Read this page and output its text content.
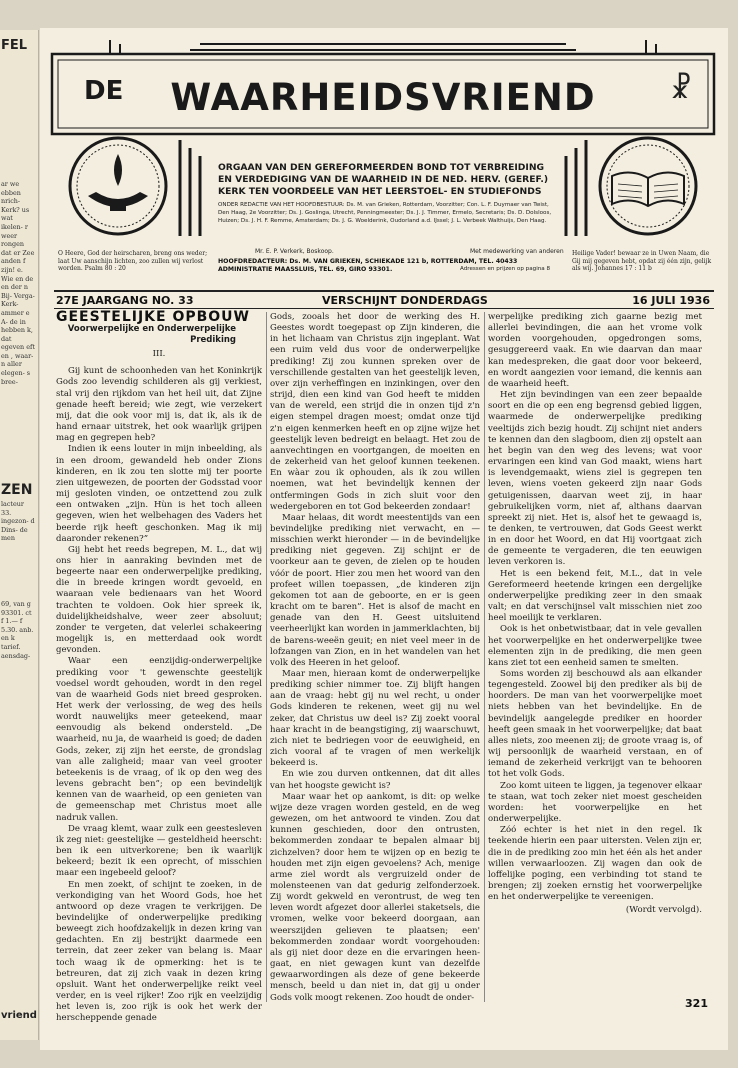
FEL
ar we ebben nrich- Kerk? us wat ikelen- r weer rongen dat er Zee anden f zijn! e. Wie en de en der n Bij- Verga- Kerk- ammer e A- de in hebben k, dat egeven eft en , waar- n aller elegen- s bree-
ZEN
lacteur 33. ingezon- d Dins- de men
69, van g 93301. ct f 1.— f 5.30. anb. en k tarief. aensdag-
vriend
DE	WAARHEIDSVRIEND	☧
ORGAAN VAN DEN GEREFORMEERDEN BOND TOT VERBREIDING EN VERDEDIGING VAN DE WAARHEID IN DE NED. HERV. (GEREF.) KERK TEN VOORDEELE VAN HET LEERSTOEL- EN STUDIEFONDS
ONDER REDACTIE VAN HET HOOFDBESTUUR: Ds. M. van Grieken, Rotterdam, Voorzitter; Con. L. F. Duymaer van Twist, Den Haag, 2e Voorzitter; Ds. J. Goslinga, Utrecht, Penningmeester; Ds. J. J. Timmer, Ermelo, Secretaris; Ds. D. Dolsloos, Huizen; Ds. J. H. F. Remme, Amsterdam; Ds. J. G. Woelderink, Oudorland a.d. IJssel; J. L. Verbeek Walthuijs, Den Haag.
Mr. E. P. Verkerk, Boskoop.	Met medewerking van anderen
HOOFDREDACTEUR: Ds. M. VAN GRIEKEN, SCHIEKADE 121 b, ROTTERDAM, TEL. 40433 ADMINISTRATIE MAASSLUIS, TEL. 69, GIRO 93301.	Adressen en prijzen op pagina 8
O Heere, God der heirscharen, breng ons weder; laat Uw aanschijn lichten, zoo zullen wij verlost worden. Psalm 80 : 20
Heilige Vader! bewaar ze in Uwen Naam, die Gij mij gegeven hebt, opdat zij één zijn, gelijk als wij. Johannes 17 : 11 b
27E JAARGANG NO. 33	VERSCHIJNT DONDERDAGS	16 JULI 1936
GEESTELIJKE OPBOUW
Voorwerpelijke en Onderwerpelijke Prediking
III.

Gij kunt de schoonheden van het Koninkrijk Gods zoo levendig schilderen als gij verkiest, stal vrij den rijkdom van het heil uit, dat Zijne genade heeft bereid; wie zegt, wie verzekert mij, dat die ook voor mij is, dat ik, als ik de hand ernaar uitstrek, het ook waarlijk grijpen mag en gegrepen heb?

Indien ik eens louter in mijn inbeelding, als in een droom, gewandeld heb onder Zions kinderen, en ik zou ten slotte mij ter poorte zien uitgewezen, de poorten der Godsstad voor mij gesloten vinden, oe ontzettend zou zulk een ontwaken „zijn. Hùn is het toch alleen gegeven, wien het welbehagen des Vaders het beerde rijk heeft geschonken. Mag ik mij daaronder rekenen?”

Gij hebt het reeds begrepen, M. L., dat wij ons hier in aanraking bevinden met de begeerte naar een onderwerpelijke prediking, die in breede kringen wordt gevoeld, en waaraan vele bedienaars van het Woord trachten te voldoen. Ook hier spreek ik, duidelijkheidshalve, weer zeer absoluut; zonder te vergeten, dat velerlei schakeering mogelijk is, en metterdaad ook wordt gevonden.

Waar een eenzijdig-onderwerpelijke prediking voor 't gewenschte geestelijk voedsel wordt gehouden, wordt in den regel van de waarheid Gods niet breed gesproken. Het werk der verlossing, de weg des heils wordt nauwelijks meer geteekend, maar eenvoudig als bekend ondersteld. „De waarheid, nu ja, de waarheid is goed; de daden Gods, zeker, zij zijn het eerste, de grondslag van alle zaligheid; maar van veel grooter beteekenis is de vraag, of ik op den weg des levens gebracht ben”; op een bevindelijk kennen van de waarheid, op een genieten van de gemeenschap met Christus moet alle nadruk vallen.

De vraag klemt, waar zulk een geestesleven ik zeg niet: geestelijke — gesteldheid heerscht: ben ik een uitverkorene; ben ik waarlijk bekeerd; bezit ik een oprecht, of misschien maar een ingebeeld geloof?

En men zoekt, of schijnt te zoeken, in de verkondiging van het Woord Gods, hoe het antwoord op deze vragen te verkrijgen. De bevindelijke of onderwerpelijke prediking beweegt zich hoofdzakelijk in dezen kring van gedachten. En zij bestrijkt daarmede een terrein, dat zeer zeker van belang is. Maar toch waag ik de opmerking: het is te betreuren, dat zij zich vaak in dezen kring opsluit. Want het onderwerpelijke reikt veel verder, en is veel rijker! Zoo rijk en veelzijdig het leven is, zoo rijk is ook het werk der herscheppende genade

Gods, zooals het door de werking des H. Geestes wordt toegepast op Zijn kinderen, die in het lichaam van Christus zijn ingeplant. Wat een ruim veld dus voor de onderwerpelijke prediking! Zij zou kunnen spreken over de verschillende gestalten van het geestelijk leven, over zijn verheffingen en inzinkingen, over den strijd, dien een kind van God heeft te midden van de wereld, een strijd die in onzen tijd z'n eigen stempel dragen moest; omdat onze tijd z'n eigen kenmerken heeft en op zijne wijze het geestelijk leven bedreigt en belaagt. Het zou de aanvechtingen en voortgangen, de moeiten en de zekerheid van het geloof kunnen teekenen. En wàar zou ik ophouden, als ik zou willen noemen, wat het bevindelijk kennen der ontfermingen Gods in zich sluit voor den wedergeboren en tot God bekeerden zondaar!

Maar helaas, dit wordt meestentijds van een bevindelijke prediking niet verwacht, en — misschien werkt hieronder — in de bevindelijke prediking niet gegeven. Zij schijnt er de voorkeur aan te geven, de zielen op te houden vóór de poort. Hier zou men het woord van den profeet willen toepassen, „de kinderen zijn gekomen tot aan de geboorte, en er is geen kracht om te baren”. Het is alsof de macht en genade van den H. Geest uitsluitend veerheerlijkt kan worden in jammerklachten, bij de barens-weeën geuit; en niet veel meer in de lofzangen van Zion, en in het wandelen van het volk des Heeren in het geloof.

Maar men, hieraan komt de onderwerpelijke prediking schier nimmer toe. Zij blijft hangen aan de vraag: hebt gij nu wel recht, u onder Gods kinderen te rekenen, weet gij nu wel zeker, dat Christus uw deel is? Zij zoekt vooral haar kracht in de beangstiging, zij waarschuwt, zich niet te bedriegen voor de eeuwigheid, en zich vooral af te vragen of men werkelijk bekeerd is.

En wie zou durven ontkennen, dat dit alles van het hoogste gewicht is?

Maar waar het op aankomt, is dit: op welke wijze deze vragen worden gesteld, en de weg gewezen, om het antwoord te vinden. Zou dat kunnen geschieden, door den ontrusten, bekommerden zondaar te bepalen almaar bij zichzelven? door hem te wijzen op en bezig te houden met zijn eigen gevoelens? Ach, menige arme ziel wordt als vergruizeld onder de molensteenen van dat gedurig zelfonderzoek. Zij wordt gekweld en verontrust, de weg ten leven wordt afgezet door allerlei staketsels, die vromen, welke voor bekeerd doorgaan, aan weerszijden gelieven te plaatsen; een' bekommerden zondaar wordt voorgehouden: als gij niet door deze en die ervaringen heen-gaat, en niet gewagen kunt van dezelfde gewaarwordingen als deze of gene bekeerde mensch, beeld u dan niet in, dat gij u onder Gods volk moogt rekenen. Zoo houdt de onder-

werpelijke prediking zich gaarne bezig met allerlei bevindingen, die aan het vrome volk worden voorgehouden, opgedrongen soms, gesuggereerd vaak. En wie daarvan dan maar kan medespreken, die gaat door voor bekeerd, en wordt aangezien voor iemand, die kennis aan de waarheid heeft.

Het zijn bevindingen van een zeer bepaalde soort en die op een eng begrensd gebied liggen, waarmede de onderwerpelijke prediking veeltijds zich bezig houdt. Zij schijnt niet anders te kennen dan den slagboom, dien zij opstelt aan het begin van den weg des levens; wat voor ervaringen een kind van God maakt, wiens hart is levendgemaakt, wiens ziel is gegrepen ten leven, wiens voeten gekeerd zijn naar Gods getuigenissen, daarvan weet zij, in haar gebruikelijken vorm, niet af, althans daarvan spreekt zij niet. Het is, alsof het te gewaagd is, te denken, te vertrouwen, dat Gods Geest werkt in en door het Woord, en dat Hij voortgaat zich de gemeente te vergaderen, die ten eeuwigen leven verkoren is.

Het is een bekend feit, M.L., dat in vele Gereformeerd heetende kringen een dergelijke onderwerpelijke prediking zeer in den smaak valt; en dat verschijnsel valt misschien niet zoo heel moeilijk te verklaren.

Ook is het onbetwistbaar, dat in vele gevallen het voorwerpelijke en het onderwerpelijke twee elementen zijn in de prediking, die men geen kans ziet tot een eenheid samen te smelten.

Soms worden zij beschouwd als aan elkander tegengesteld. Zoowel bij den prediker als bij de hoorders. De man van het voorwerpelijke moet niets hebben van het bevindelijke. En de bevindelijk aangelegde prediker en hoorder heeft geen smaak in het voorwerpelijke; dat baat alles niets, zoo meenen zij; de groote vraag is, of wij persoonlijk de waarheid verstaan, en of iemand de zekerheid verkrijgt van te behooren tot het volk Gods.

Zoo komt uiteen te liggen, ja tegenover elkaar te staan, wat toch zeker niet moest gescheiden worden: het voorwerpelijke en het onderwerpelijke.

Zóó echter is het niet in den regel. Ik teekende hierin een paar uitersten. Velen zijn er, die in de prediking zoo min het één als het ander willen verwaarloozen. Zij wagen dan ook de loffelijke poging, een verbinding tot stand te brengen; zij zoeken ernstig het voorwerpelijke en het onderwerpelijke te vereenigen.

(Wordt vervolgd).

321
